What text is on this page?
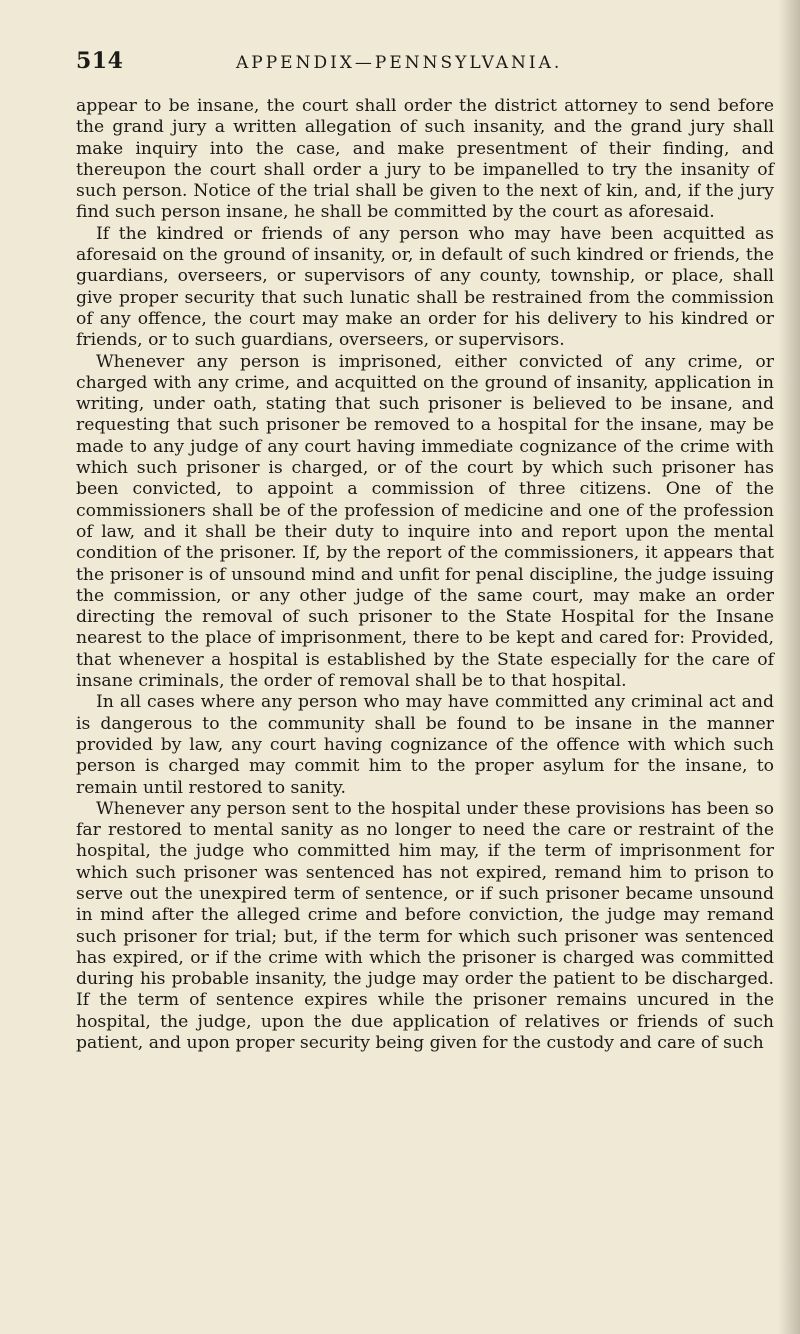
514	APPENDIX—PENNSYLVANIA.

appear to be insane, the court shall order the district attorney to send before the grand jury a written allegation of such insanity, and the grand jury shall make inquiry into the case, and make presentment of their finding, and thereupon the court shall order a jury to be impanelled to try the insanity of such person. Notice of the trial shall be given to the next of kin, and, if the jury find such person insane, he shall be committed by the court as aforesaid.

If the kindred or friends of any person who may have been acquitted as aforesaid on the ground of insanity, or, in default of such kindred or friends, the guardians, overseers, or supervisors of any county, township, or place, shall give proper security that such lunatic shall be restrained from the commission of any offence, the court may make an order for his delivery to his kindred or friends, or to such guardians, overseers, or supervisors.

Whenever any person is imprisoned, either convicted of any crime, or charged with any crime, and acquitted on the ground of insanity, application in writing, under oath, stating that such prisoner is believed to be insane, and requesting that such prisoner be removed to a hospital for the insane, may be made to any judge of any court having immediate cognizance of the crime with which such prisoner is charged, or of the court by which such prisoner has been convicted, to appoint a commission of three citizens. One of the commissioners shall be of the profession of medicine and one of the profession of law, and it shall be their duty to inquire into and report upon the mental condition of the prisoner. If, by the report of the commissioners, it appears that the prisoner is of unsound mind and unfit for penal discipline, the judge issuing the commission, or any other judge of the same court, may make an order directing the removal of such prisoner to the State Hospital for the Insane nearest to the place of imprisonment, there to be kept and cared for: Provided, that whenever a hospital is established by the State especially for the care of insane criminals, the order of removal shall be to that hospital.

In all cases where any person who may have committed any criminal act and is dangerous to the community shall be found to be insane in the manner provided by law, any court having cognizance of the offence with which such person is charged may commit him to the proper asylum for the insane, to remain until restored to sanity.

Whenever any person sent to the hospital under these provisions has been so far restored to mental sanity as no longer to need the care or restraint of the hospital, the judge who committed him may, if the term of imprisonment for which such prisoner was sentenced has not expired, remand him to prison to serve out the unexpired term of sentence, or if such prisoner became unsound in mind after the alleged crime and before conviction, the judge may remand such prisoner for trial; but, if the term for which such prisoner was sentenced has expired, or if the crime with which the prisoner is charged was committed during his probable insanity, the judge may order the patient to be discharged. If the term of sentence expires while the prisoner remains uncured in the hospital, the judge, upon the due application of relatives or friends of such patient, and upon proper security being given for the custody and care of such
